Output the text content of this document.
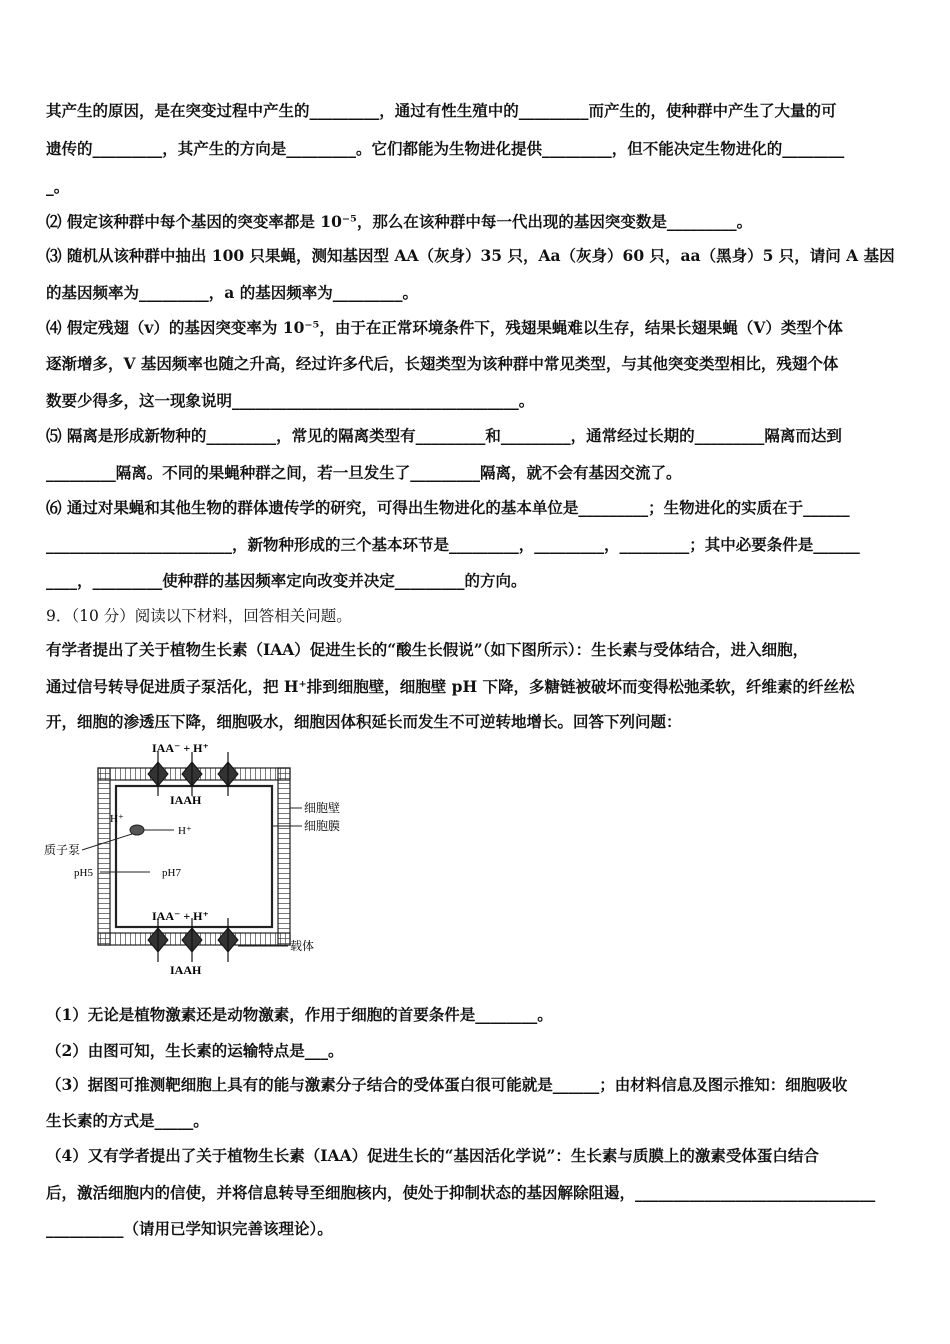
其产生的原因，是在突变过程中产生的_________，通过有性生殖中的_________而产生的，使种群中产生了大量的可
遗传的_________，其产生的方向是_________。它们都能为生物进化提供_________，但不能决定生物进化的________
_。
⑵ 假定该种群中每个基因的突变率都是 10⁻⁵，那么在该种群中每一代出现的基因突变数是_________。
⑶ 随机从该种群中抽出 100 只果蝇，测知基因型 AA（灰身）35 只，Aa（灰身）60 只，aa（黑身）5 只，请问 A 基因
的基因频率为_________，a 的基因频率为_________。
⑷ 假定残翅（v）的基因突变率为 10⁻⁵，由于在正常环境条件下，残翅果蝇难以生存，结果长翅果蝇（V）类型个体
逐渐增多，V 基因频率也随之升高，经过许多代后，长翅类型为该种群中常见类型，与其他突变类型相比，残翅个体
数要少得多，这一现象说明_____________________________________。
⑸ 隔离是形成新物种的_________，常见的隔离类型有_________和_________，通常经过长期的_________隔离而达到
_________隔离。不同的果蝇种群之间，若一旦发生了_________隔离，就不会有基因交流了。
⑹ 通过对果蝇和其他生物的群体遗传学的研究，可得出生物进化的基本单位是_________；生物进化的实质在于______
________________________，新物种形成的三个基本环节是_________，_________，_________；其中必要条件是______
____，_________使种群的基因频率定向改变并决定_________的方向。
9．（10 分）阅读以下材料，回答相关问题。
有学者提出了关于植物生长素（IAA）促进生长的“酸生长假说”（如下图所示）：生长素与受体结合，进入细胞，
通过信号转导促进质子泵活化，把 H⁺排到细胞壁，细胞壁 pH 下降，多糖链被破坏而变得松弛柔软，纤维素的纤丝松
开，细胞的渗透压下降，细胞吸水，细胞因体积延长而发生不可逆转地增长。回答下列问题：
IAA⁻ + H⁺
IAAH
H⁺
H⁺
质子泵
pH5	pH7
IAA⁻ + H⁺
IAAH
细胞壁
细胞膜
载体
（1）无论是植物激素还是动物激素，作用于细胞的首要条件是________。
（2）由图可知，生长素的运输特点是___。
（3）据图可推测靶细胞上具有的能与激素分子结合的受体蛋白很可能就是______；由材料信息及图示推知：细胞吸收
生长素的方式是_____。
（4）又有学者提出了关于植物生长素（IAA）促进生长的“基因活化学说”：生长素与质膜上的激素受体蛋白结合
后，激活细胞内的信使，并将信息转导至细胞核内，使处于抑制状态的基因解除阻遏，_______________________________
__________（请用已学知识完善该理论）。
